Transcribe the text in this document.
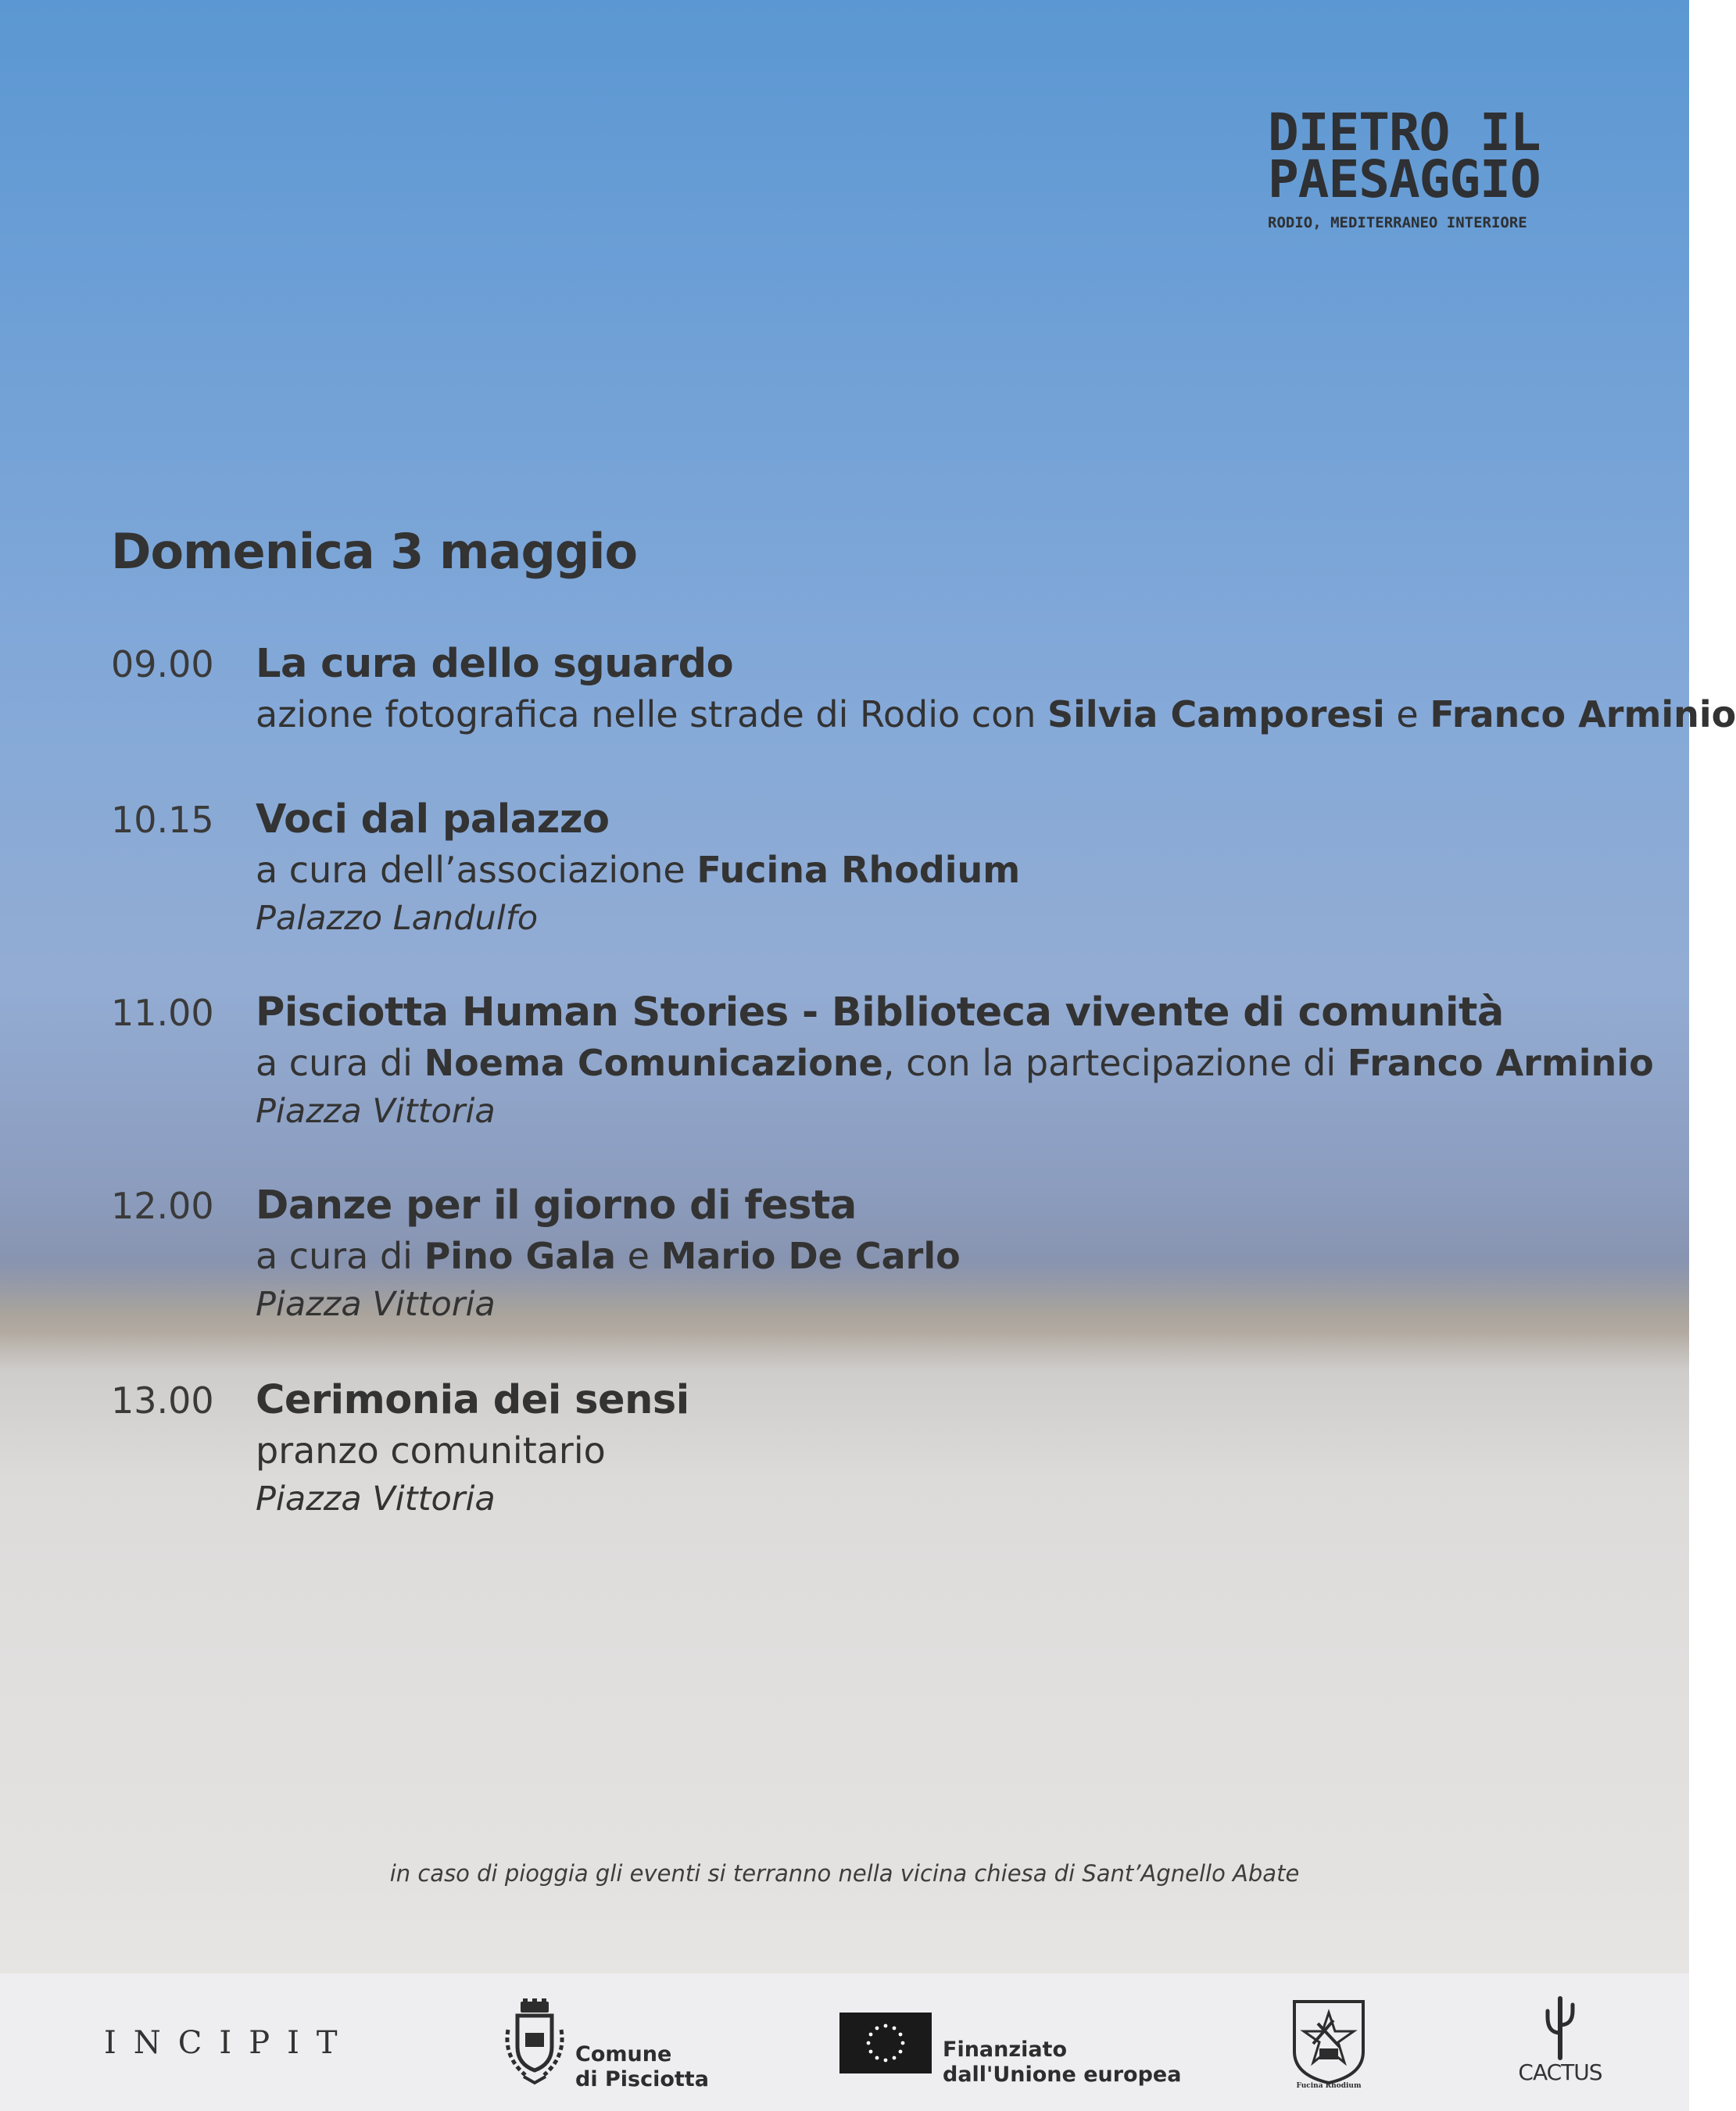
DIETRO IL
PAESAGGIO
RODIO, MEDITERRANEO INTERIORE
Domenica 3 maggio
09.00 La cura dello sguardo
azione fotografica nelle strade di Rodio con Silvia Camporesi e Franco Arminio
10.15 Voci dal palazzo
a cura dell’associazione Fucina Rhodium
Palazzo Landulfo
11.00 Pisciotta Human Stories - Biblioteca vivente di comunità
a cura di Noema Comunicazione, con la partecipazione di Franco Arminio
Piazza Vittoria
12.00 Danze per il giorno di festa
a cura di Pino Gala e Mario De Carlo
Piazza Vittoria
13.00 Cerimonia dei sensi
pranzo comunitario
Piazza Vittoria
in caso di pioggia gli eventi si terranno nella vicina chiesa di Sant’Agnello Abate
INCIPIT	Comune
di Pisciotta
Finanziato
dall'Unione europea	Fucina Rhodium
CACTUS
